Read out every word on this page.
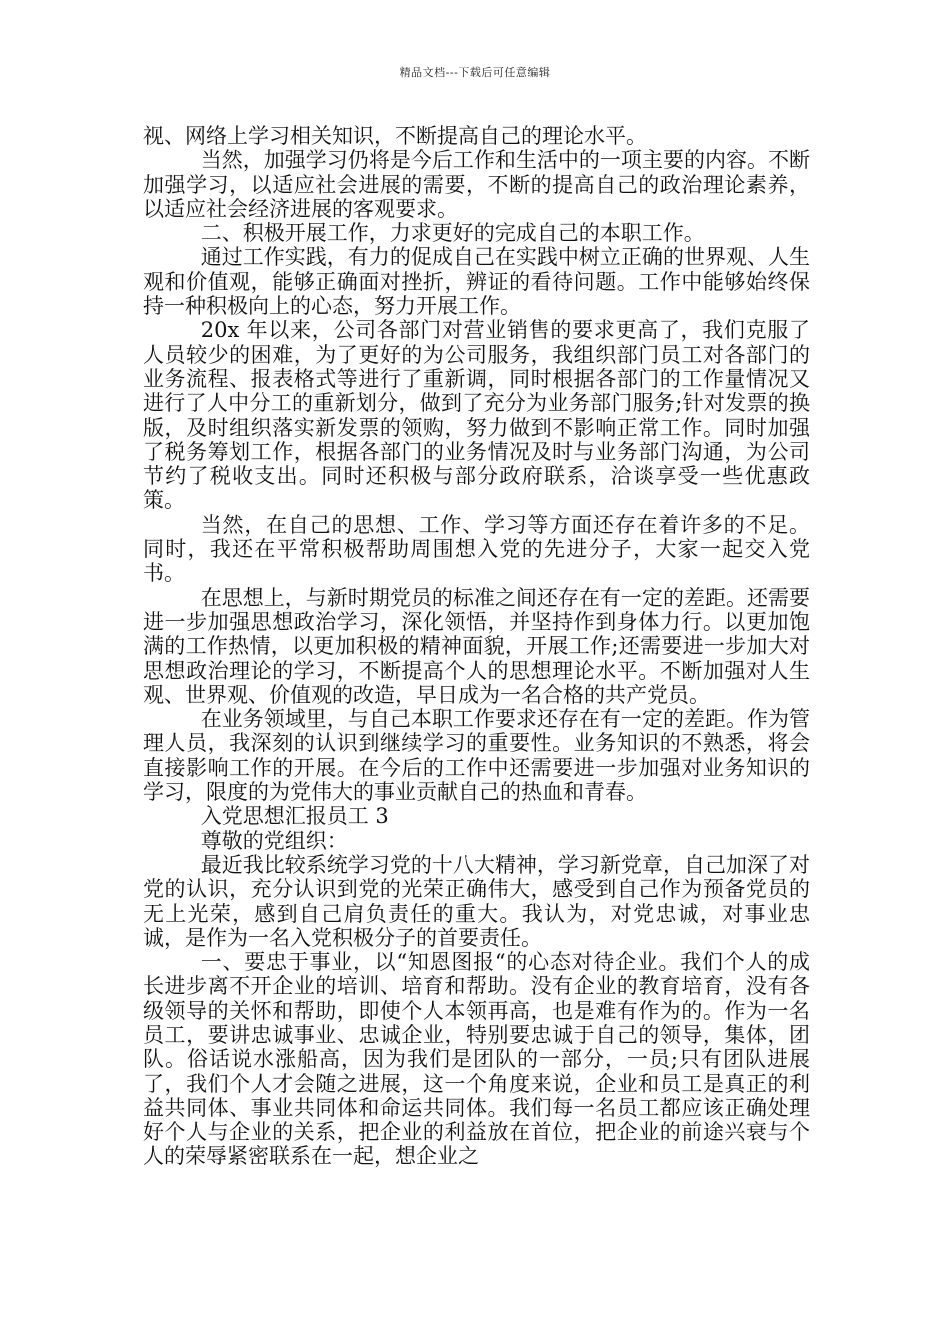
精品文档---下载后可任意编辑

视、网络上学习相关知识，不断提高自己的理论水平。

当然，加强学习仍将是今后工作和生活中的一项主要的内容。不断加强学习，以适应社会进展的需要，不断的提高自己的政治理论素养，以适应社会经济进展的客观要求。

二、积极开展工作，力求更好的完成自己的本职工作。

通过工作实践，有力的促成自己在实践中树立正确的世界观、人生观和价值观，能够正确面对挫折，辨证的看待问题。工作中能够始终保持一种积极向上的心态，努力开展工作。

20x 年以来，公司各部门对营业销售的要求更高了，我们克服了人员较少的困难，为了更好的为公司服务，我组织部门员工对各部门的业务流程、报表格式等进行了重新调，同时根据各部门的工作量情况又进行了人中分工的重新划分，做到了充分为业务部门服务;针对发票的换版，及时组织落实新发票的领购，努力做到不影响正常工作。同时加强了税务筹划工作，根据各部门的业务情况及时与业务部门沟通，为公司节约了税收支出。同时还积极与部分政府联系，洽谈享受一些优惠政策。

当然，在自己的思想、工作、学习等方面还存在着许多的不足。 同时，我还在平常积极帮助周围想入党的先进分子，大家一起交入党书。

在思想上，与新时期党员的标准之间还存在有一定的差距。还需要进一步加强思想政治学习，深化领悟，并坚持作到身体力行。以更加饱满的工作热情，以更加积极的精神面貌，开展工作;还需要进一步加大对思想政治理论的学习，不断提高个人的思想理论水平。不断加强对人生观、世界观、价值观的改造，早日成为一名合格的共产党员。

在业务领域里，与自己本职工作要求还存在有一定的差距。作为管理人员，我深刻的认识到继续学习的重要性。业务知识的不熟悉，将会直接影响工作的开展。在今后的工作中还需要进一步加强对业务知识的学习，限度的为党伟大的事业贡献自己的热血和青春。

入党思想汇报员工 3

尊敬的党组织：

最近我比较系统学习党的十八大精神，学习新党章，自己加深了对党的认识，充分认识到党的光荣正确伟大，感受到自己作为预备党员的无上光荣，感到自己肩负责任的重大。我认为，对党忠诚，对事业忠诚，是作为一名入党积极分子的首要责任。

一、要忠于事业，以“知恩图报“的心态对待企业。我们个人的成长进步离不开企业的培训、培育和帮助。没有企业的教育培育，没有各级领导的关怀和帮助，即使个人本领再高，也是难有作为的。作为一名员工，要讲忠诚事业、忠诚企业，特别要忠诚于自己的领导，集体，团队。俗话说水涨船高，因为我们是团队的一部分，一员;只有团队进展了，我们个人才会随之进展，这一个角度来说，企业和员工是真正的利益共同体、事业共同体和命运共同体。我们每一名员工都应该正确处理好个人与企业的关系，把企业的利益放在首位，把企业的前途兴衰与个人的荣辱紧密联系在一起，想企业之
